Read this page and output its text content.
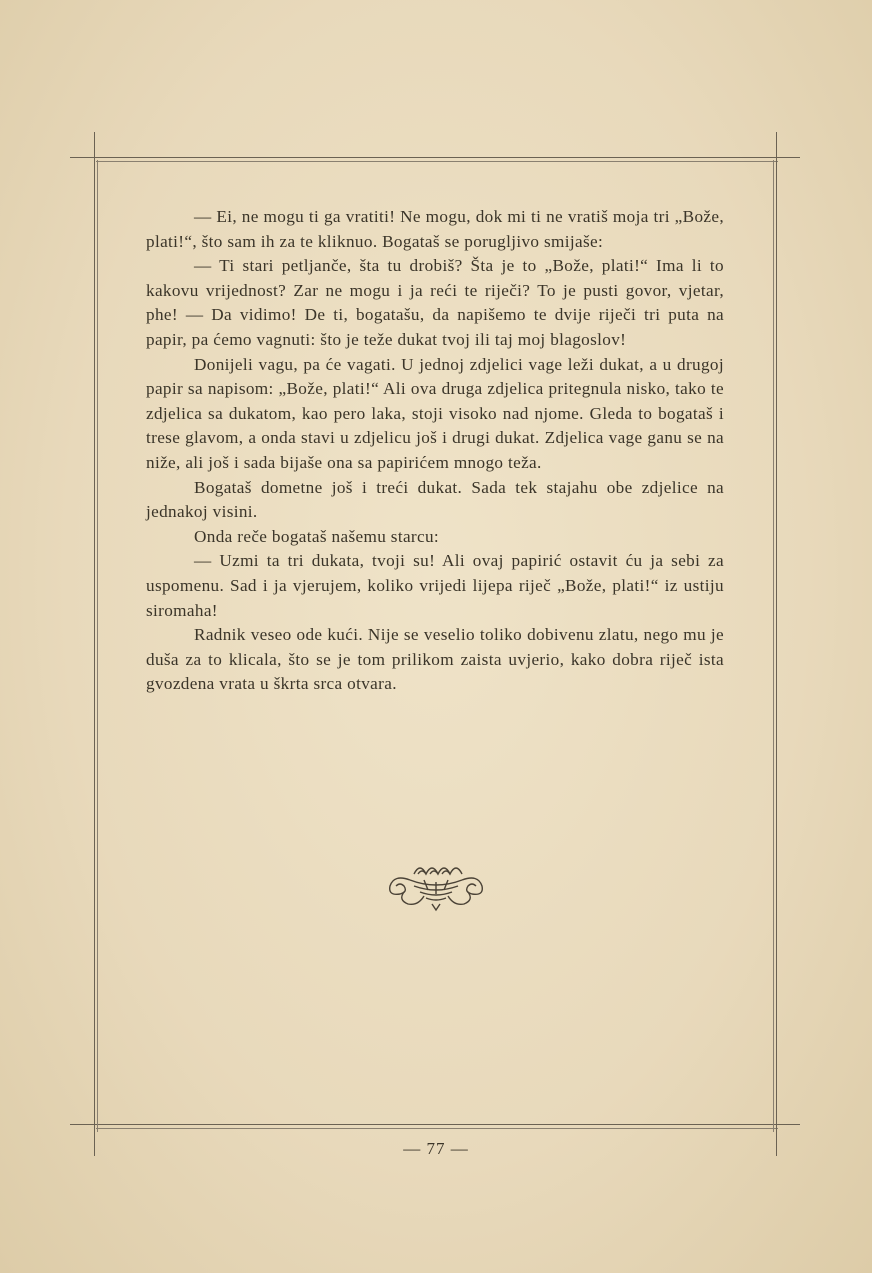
— Ei, ne mogu ti ga vratiti! Ne mogu, dok mi ti ne vratiš moja tri „Bože, plati!“, što sam ih za te kliknuo. Bogataš se porugljivo smijaše:

— Ti stari petljanče, šta tu drobiš? Šta je to „Bože, plati!“ Ima li to kakovu vrijednost? Zar ne mogu i ja reći te riječi? To je pusti govor, vjetar, phe! — Da vidimo! De ti, bogatašu, da napišemo te dvije riječi tri puta na papir, pa ćemo vagnuti: što je teže dukat tvoj ili taj moj blagoslov!

Donijeli vagu, pa će vagati. U jednoj zdjelici vage leži dukat, a u drugoj papir sa napisom: „Bože, plati!“ Ali ova druga zdjelica pritegnula nisko, tako te zdjelica sa dukatom, kao pero laka, stoji visoko nad njome. Gleda to bogataš i trese glavom, a onda stavi u zdjelicu još i drugi dukat. Zdjelica vage ganu se na niže, ali još i sada bijaše ona sa papirićem mnogo teža.

Bogataš dometne još i treći dukat. Sada tek stajahu obe zdjelice na jednakoj visini.

Onda reče bogataš našemu starcu:

— Uzmi ta tri dukata, tvoji su! Ali ovaj papirić ostavit ću ja sebi za uspomenu. Sad i ja vjerujem, koliko vrijedi lijepa riječ „Bože, plati!“ iz ustiju siromaha!

Radnik veseo ode kući. Nije se veselio toliko dobivenu zlatu, nego mu je duša za to klicala, što se je tom prilikom zaista uvjerio, kako dobra riječ ista gvozdena vrata u škrta srca otvara.

— 77 —
